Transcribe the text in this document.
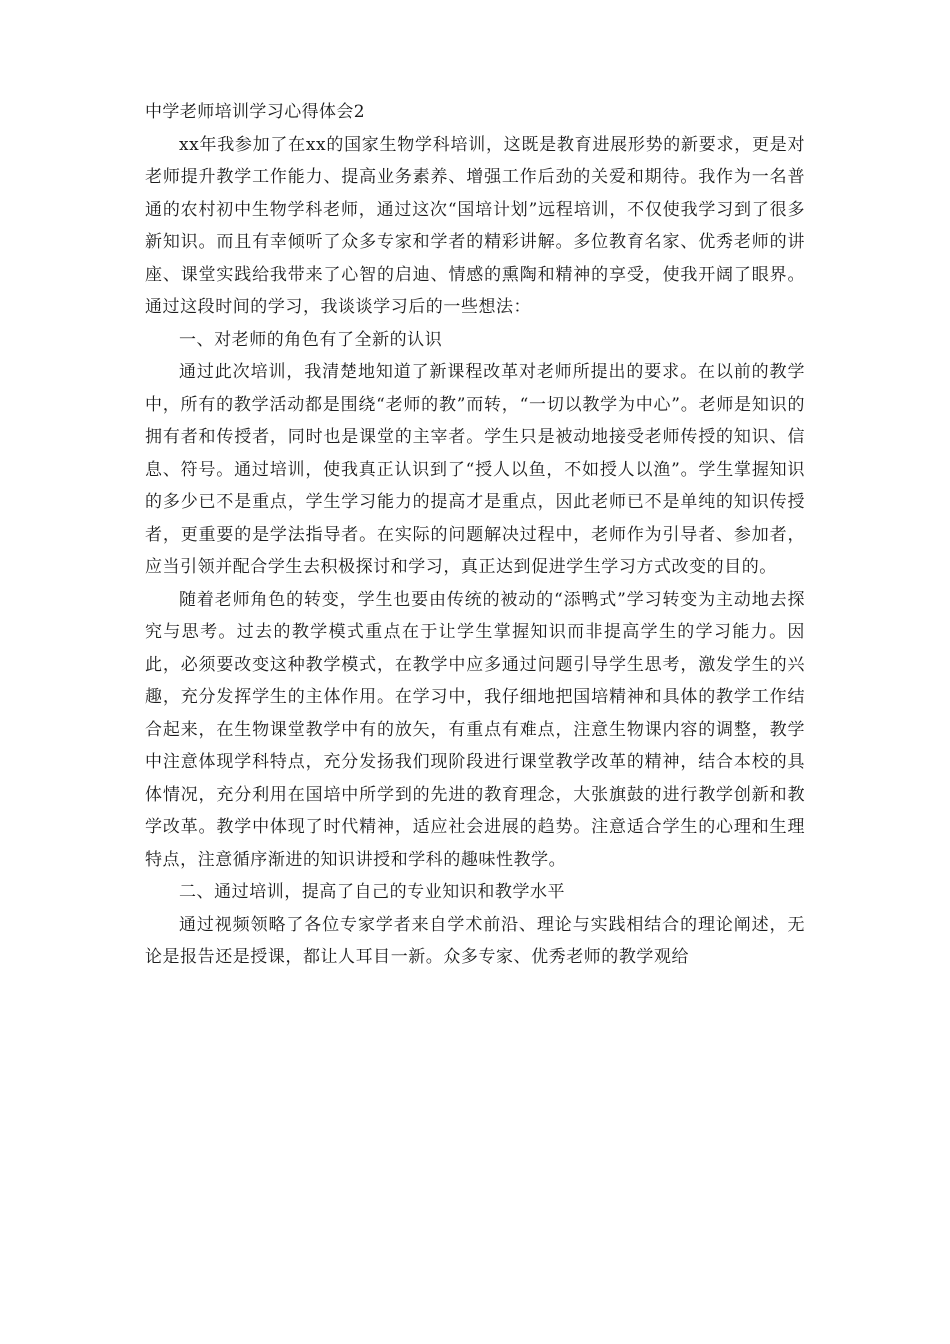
中学老师培训学习心得体会2

xx年我参加了在xx的国家生物学科培训，这既是教育进展形势的新要求，更是对老师提升教学工作能力、提高业务素养、增强工作后劲的关爱和期待。我作为一名普通的农村初中生物学科老师，通过这次“国培计划”远程培训，不仅使我学习到了很多新知识。而且有幸倾听了众多专家和学者的精彩讲解。多位教育名家、优秀老师的讲座、课堂实践给我带来了心智的启迪、情感的熏陶和精神的享受，使我开阔了眼界。通过这段时间的学习，我谈谈学习后的一些想法：

一、对老师的角色有了全新的认识

通过此次培训，我清楚地知道了新课程改革对老师所提出的要求。在以前的教学中，所有的教学活动都是围绕“老师的教”而转，“一切以教学为中心”。老师是知识的拥有者和传授者，同时也是课堂的主宰者。学生只是被动地接受老师传授的知识、信息、符号。通过培训，使我真正认识到了“授人以鱼，不如授人以渔”。学生掌握知识的多少已不是重点，学生学习能力的提高才是重点，因此老师已不是单纯的知识传授者，更重要的是学法指导者。在实际的问题解决过程中，老师作为引导者、参加者，应当引领并配合学生去积极探讨和学习，真正达到促进学生学习方式改变的目的。

随着老师角色的转变，学生也要由传统的被动的“添鸭式”学习转变为主动地去探究与思考。过去的教学模式重点在于让学生掌握知识而非提高学生的学习能力。因此，必须要改变这种教学模式，在教学中应多通过问题引导学生思考，激发学生的兴趣，充分发挥学生的主体作用。在学习中，我仔细地把国培精神和具体的教学工作结合起来，在生物课堂教学中有的放矢，有重点有难点，注意生物课内容的调整，教学中注意体现学科特点，充分发扬我们现阶段进行课堂教学改革的精神，结合本校的具体情况，充分利用在国培中所学到的先进的教育理念，大张旗鼓的进行教学创新和教学改革。教学中体现了时代精神，适应社会进展的趋势。注意适合学生的心理和生理特点，注意循序渐进的知识讲授和学科的趣味性教学。

二、通过培训，提高了自己的专业知识和教学水平

通过视频领略了各位专家学者来自学术前沿、理论与实践相结合的理论阐述，无论是报告还是授课，都让人耳目一新。众多专家、优秀老师的教学观给
